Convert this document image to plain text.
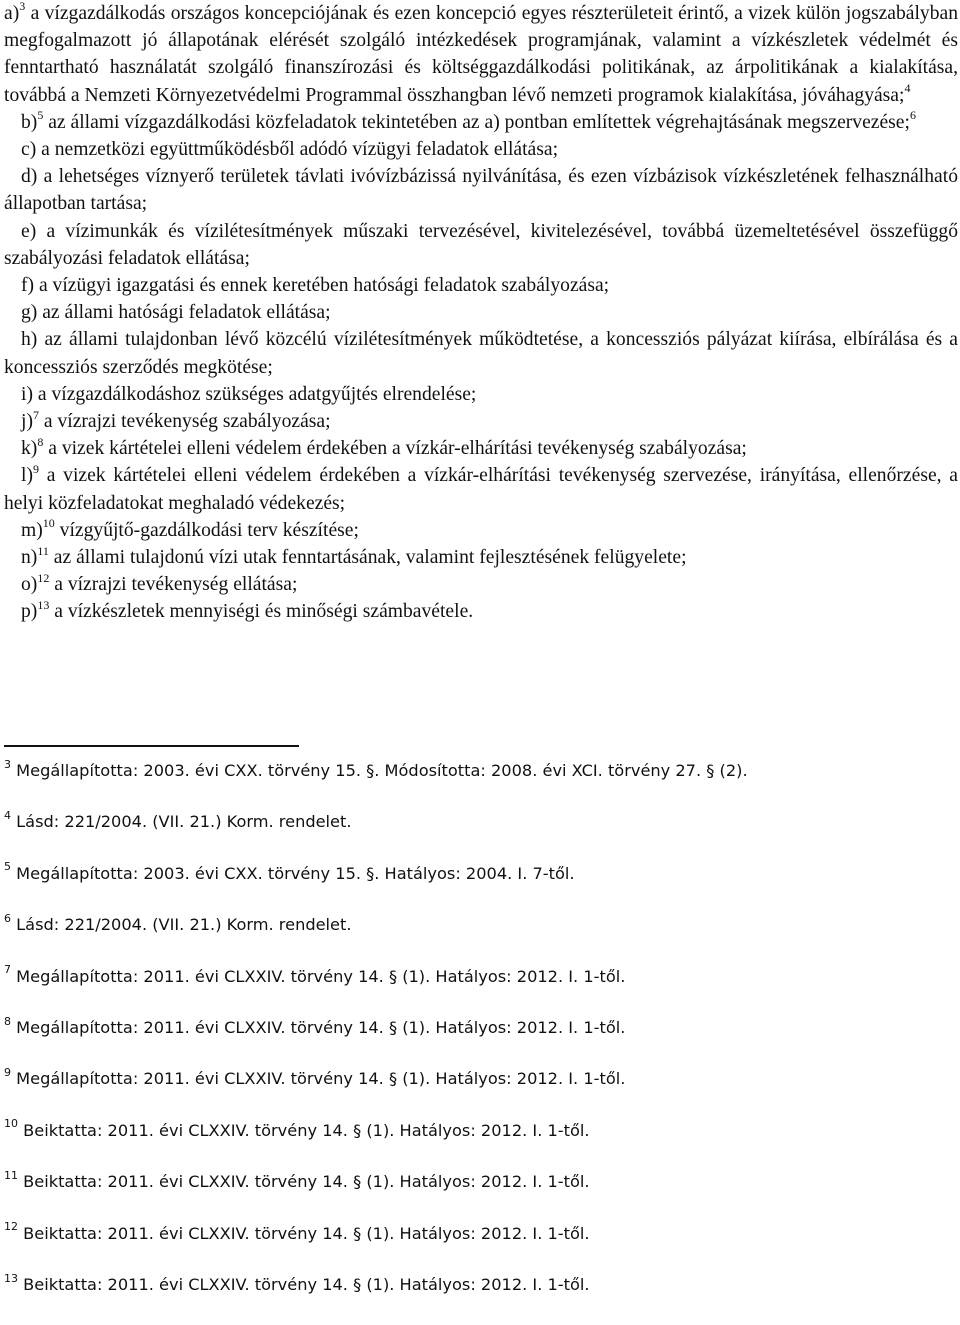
a)$^3$ a vízgazdálkodás országos koncepciójának és ezen koncepció egyes részterületeit érintő, a vizek külön jogszabályban megfogalmazott jó állapotának elérését szolgáló intézkedések programjának, valamint a vízkészletek védelmét és fenntartható használatát szolgáló finanszírozási és költséggazdálkodási politikának, az árpolitikának a kialakítása, továbbá a Nemzeti Környezetvédelmi Programmal összhangban lévő nemzeti programok kialakítása, jóváhagyása;$^4$

b)$^5$ az állami vízgazdálkodási közfeladatok tekintetében az a) pontban említettek végrehajtásának megszervezése;$^6$

c) a nemzetközi együttműködésből adódó vízügyi feladatok ellátása;

d) a lehetséges víznyerő területek távlati ivóvízbázissá nyilvánítása, és ezen vízbázisok vízkészletének felhasználható állapotban tartása;

e) a vízimunkák és vízilétesítmények műszaki tervezésével, kivitelezésével, továbbá üzemeltetésével összefüggő szabályozási feladatok ellátása;

f) a vízügyi igazgatási és ennek keretében hatósági feladatok szabályozása;

g) az állami hatósági feladatok ellátása;

h) az állami tulajdonban lévő közcélú vízilétesítmények működtetése, a koncessziós pályázat kiírása, elbírálása és a koncessziós szerződés megkötése;

i) a vízgazdálkodáshoz szükséges adatgyűjtés elrendelése;

j)$^7$ a vízrajzi tevékenység szabályozása;

k)$^8$ a vizek kártételei elleni védelem érdekében a vízkár-elhárítási tevékenység szabályozása;

l)$^9$ a vizek kártételei elleni védelem érdekében a vízkár-elhárítási tevékenység szervezése, irányítása, ellenőrzése, a helyi közfeladatokat meghaladó védekezés;

m)$^{10}$ vízgyűjtő-gazdálkodási terv készítése;

n)$^{11}$ az állami tulajdonú vízi utak fenntartásának, valamint fejlesztésének felügyelete;

o)$^{12}$ a vízrajzi tevékenység ellátása;

p)$^{13}$ a vízkészletek mennyiségi és minőségi számbavétele.

$^3$ Megállapította: 2003. évi CXX. törvény 15. §. Módosította: 2008. évi XCI. törvény 27. § (2).

$^4$ Lásd: 221/2004. (VII. 21.) Korm. rendelet.

$^5$ Megállapította: 2003. évi CXX. törvény 15. §. Hatályos: 2004. I. 7-től.

$^6$ Lásd: 221/2004. (VII. 21.) Korm. rendelet.

$^7$ Megállapította: 2011. évi CLXXIV. törvény 14. § (1). Hatályos: 2012. I. 1-től.

$^8$ Megállapította: 2011. évi CLXXIV. törvény 14. § (1). Hatályos: 2012. I. 1-től.

$^9$ Megállapította: 2011. évi CLXXIV. törvény 14. § (1). Hatályos: 2012. I. 1-től.

$^{10}$ Beiktatta: 2011. évi CLXXIV. törvény 14. § (1). Hatályos: 2012. I. 1-től.

$^{11}$ Beiktatta: 2011. évi CLXXIV. törvény 14. § (1). Hatályos: 2012. I. 1-től.

$^{12}$ Beiktatta: 2011. évi CLXXIV. törvény 14. § (1). Hatályos: 2012. I. 1-től.

$^{13}$ Beiktatta: 2011. évi CLXXIV. törvény 14. § (1). Hatályos: 2012. I. 1-től.
